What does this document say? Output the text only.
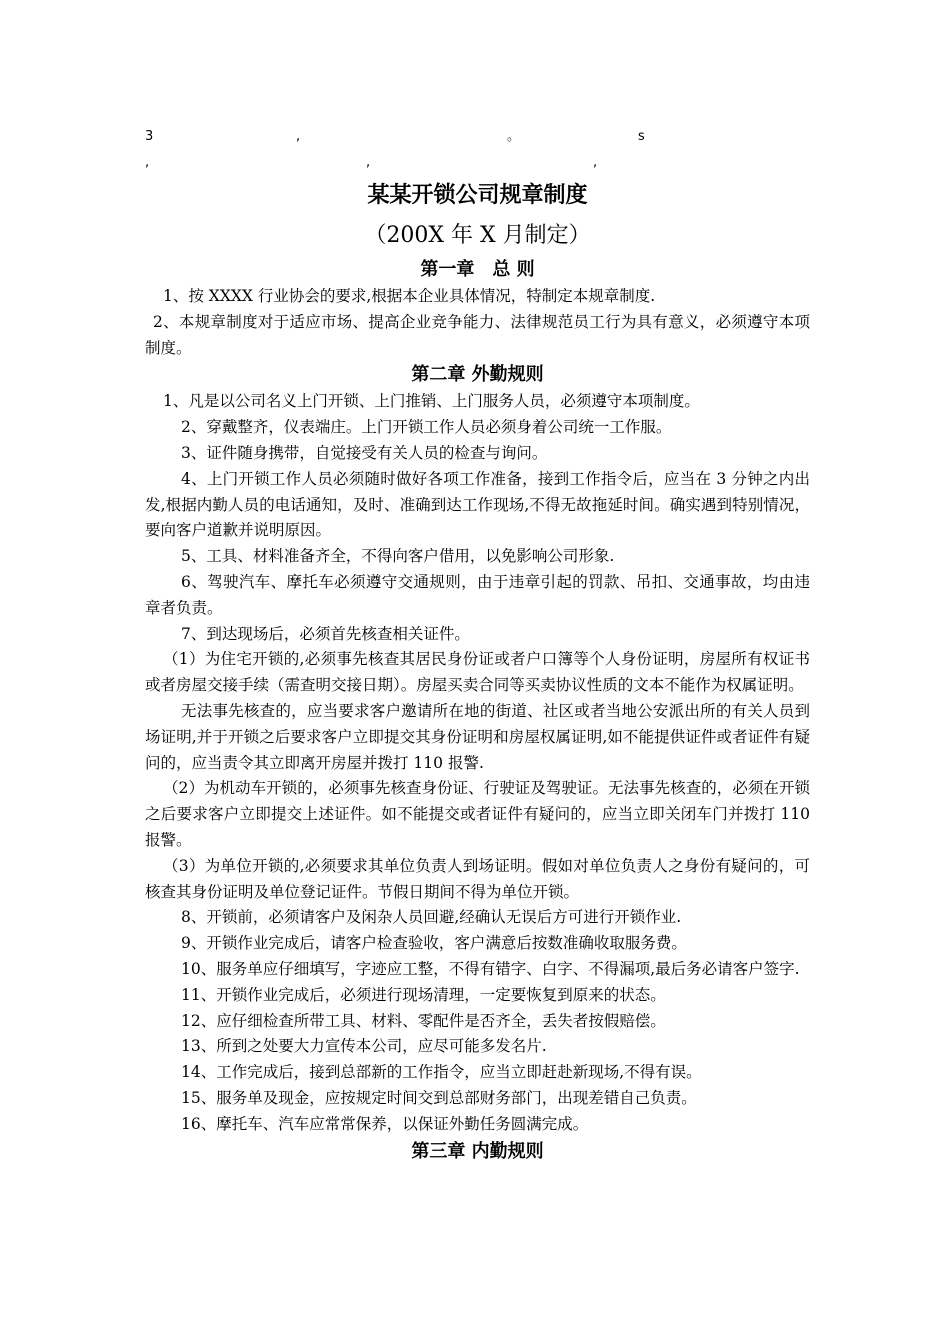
3	,	。	s
,	,	,
某某开锁公司规章制度
（200X 年 X 月制定）
第一章　总 则

1、按 XXXX 行业协会的要求,根据本企业具体情况，特制定本规章制度.

2、本规章制度对于适应市场、提高企业竞争能力、法律规范员工行为具有意义，必须遵守本项制度。

第二章 外勤规则

1、凡是以公司名义上门开锁、上门推销、上门服务人员，必须遵守本项制度。

2、穿戴整齐，仪表端庄。上门开锁工作人员必须身着公司统一工作服。

3、证件随身携带，自觉接受有关人员的检查与询问。

4、上门开锁工作人员必须随时做好各项工作准备，接到工作指令后，应当在 3 分钟之内出发,根据内勤人员的电话通知，及时、准确到达工作现场,不得无故拖延时间。确实遇到特别情况，要向客户道歉并说明原因。

5、工具、材料准备齐全，不得向客户借用，以免影响公司形象.

6、驾驶汽车、摩托车必须遵守交通规则，由于违章引起的罚款、吊扣、交通事故，均由违章者负责。

7、到达现场后，必须首先核查相关证件。

（1）为住宅开锁的,必须事先核查其居民身份证或者户口簿等个人身份证明，房屋所有权证书或者房屋交接手续（需查明交接日期）。房屋买卖合同等买卖协议性质的文本不能作为权属证明。

无法事先核查的，应当要求客户邀请所在地的街道、社区或者当地公安派出所的有关人员到场证明,并于开锁之后要求客户立即提交其身份证明和房屋权属证明,如不能提供证件或者证件有疑问的，应当责令其立即离开房屋并拨打 110 报警.

（2）为机动车开锁的，必须事先核查身份证、行驶证及驾驶证。无法事先核查的，必须在开锁之后要求客户立即提交上述证件。如不能提交或者证件有疑问的，应当立即关闭车门并拨打 110 报警。

（3）为单位开锁的,必须要求其单位负责人到场证明。假如对单位负责人之身份有疑问的，可核查其身份证明及单位登记证件。节假日期间不得为单位开锁。

8、开锁前，必须请客户及闲杂人员回避,经确认无误后方可进行开锁作业.

9、开锁作业完成后，请客户检查验收，客户满意后按数准确收取服务费。

10、服务单应仔细填写，字迹应工整，不得有错字、白字、不得漏项,最后务必请客户签字.

11、开锁作业完成后，必须进行现场清理，一定要恢复到原来的状态。

12、应仔细检查所带工具、材料、零配件是否齐全，丢失者按假赔偿。

13、所到之处要大力宣传本公司，应尽可能多发名片.

14、工作完成后，接到总部新的工作指令，应当立即赶赴新现场,不得有误。

15、服务单及现金，应按规定时间交到总部财务部门，出现差错自己负责。

16、摩托车、汽车应常常保养，以保证外勤任务圆满完成。

第三章 内勤规则
